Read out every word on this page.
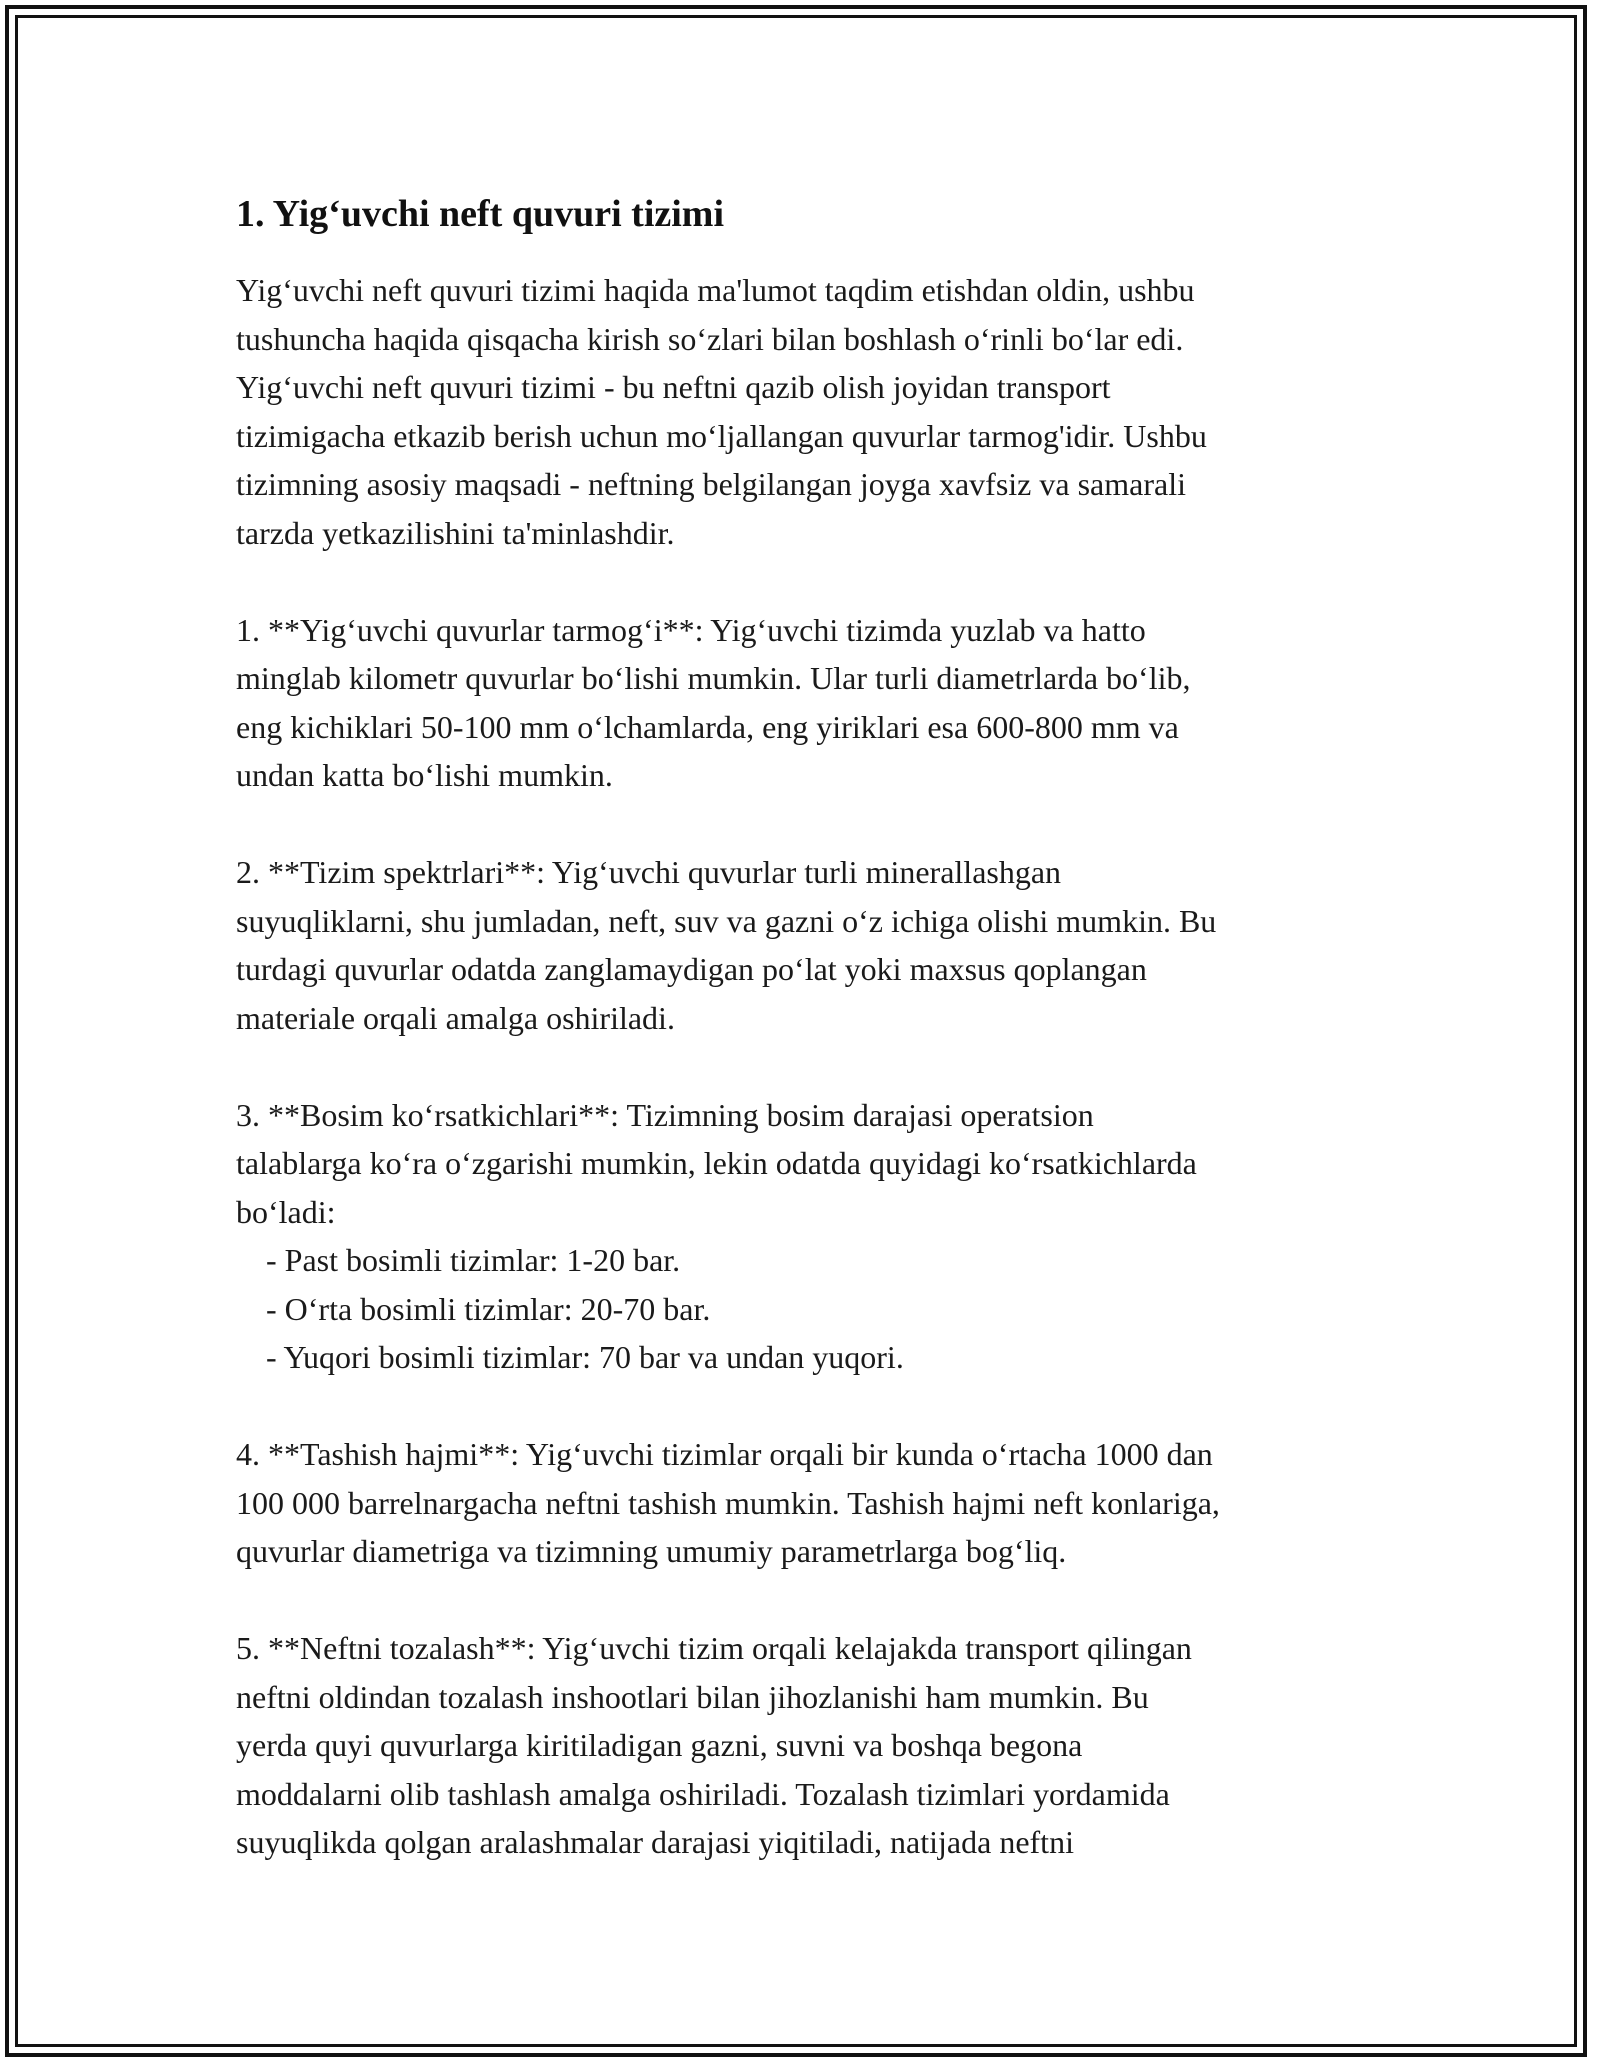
1. Yig‘uvchi neft quvuri tizimi

Yig‘uvchi neft quvuri tizimi haqida ma'lumot taqdim etishdan oldin, ushbu
tushuncha haqida qisqacha kirish so‘zlari bilan boshlash o‘rinli bo‘lar edi.
Yig‘uvchi neft quvuri tizimi - bu neftni qazib olish joyidan transport
tizimigacha etkazib berish uchun mo‘ljallangan quvurlar tarmog'idir. Ushbu
tizimning asosiy maqsadi - neftning belgilangan joyga xavfsiz va samarali
tarzda yetkazilishini ta'minlashdir.

1. **Yig‘uvchi quvurlar tarmog‘i**: Yig‘uvchi tizimda yuzlab va hatto
minglab kilometr quvurlar bo‘lishi mumkin. Ular turli diametrlarda bo‘lib,
eng kichiklari 50-100 mm o‘lchamlarda, eng yiriklari esa 600-800 mm va
undan katta bo‘lishi mumkin.

2. **Tizim spektrlari**: Yig‘uvchi quvurlar turli minerallashgan
suyuqliklarni, shu jumladan, neft, suv va gazni o‘z ichiga olishi mumkin. Bu
turdagi quvurlar odatda zanglamaydigan po‘lat yoki maxsus qoplangan
materiale orqali amalga oshiriladi.

3. **Bosim ko‘rsatkichlari**: Tizimning bosim darajasi operatsion
talablarga ko‘ra o‘zgarishi mumkin, lekin odatda quyidagi ko‘rsatkichlarda
bo‘ladi:

- Past bosimli tizimlar: 1-20 bar.

- O‘rta bosimli tizimlar: 20-70 bar.

- Yuqori bosimli tizimlar: 70 bar va undan yuqori.

4. **Tashish hajmi**: Yig‘uvchi tizimlar orqali bir kunda o‘rtacha 1000 dan
100 000 barrelnargacha neftni tashish mumkin. Tashish hajmi neft konlariga,
quvurlar diametriga va tizimning umumiy parametrlarga bog‘liq.

5. **Neftni tozalash**: Yig‘uvchi tizim orqali kelajakda transport qilingan
neftni oldindan tozalash inshootlari bilan jihozlanishi ham mumkin. Bu
yerda quyi quvurlarga kiritiladigan gazni, suvni va boshqa begona
moddalarni olib tashlash amalga oshiriladi. Tozalash tizimlari yordamida
suyuqlikda qolgan aralashmalar darajasi yiqitiladi, natijada neftni
